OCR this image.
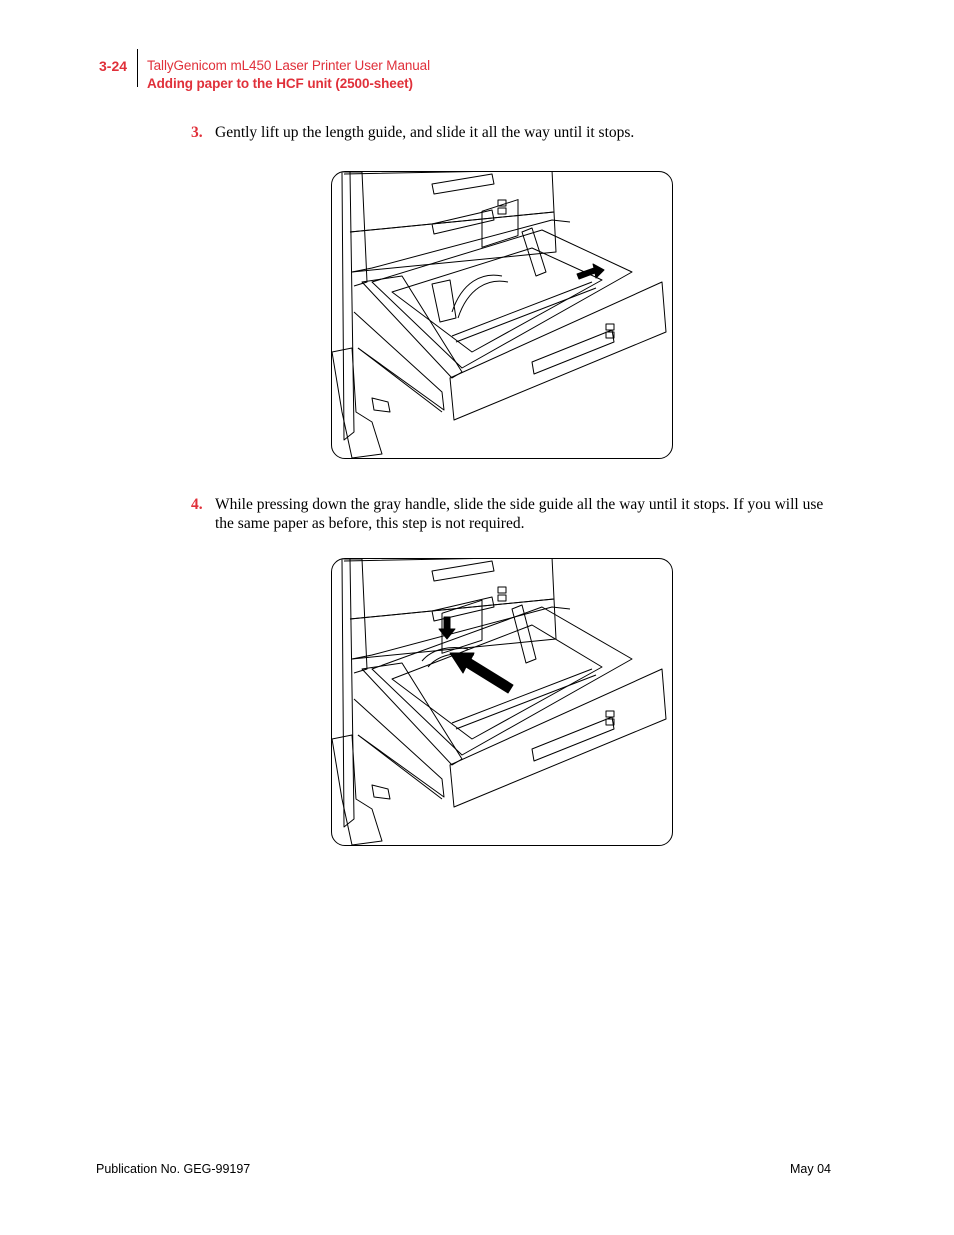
3-24 TallyGenicom mL450 Laser Printer User Manual
Adding paper to the HCF unit (2500-sheet)
3. Gently lift up the length guide, and slide it all the way until it stops.
4. While pressing down the gray handle, slide the side guide all the way until it stops. If you will use the same paper as before, this step is not required.
Publication No. GEG-99197	May 04
